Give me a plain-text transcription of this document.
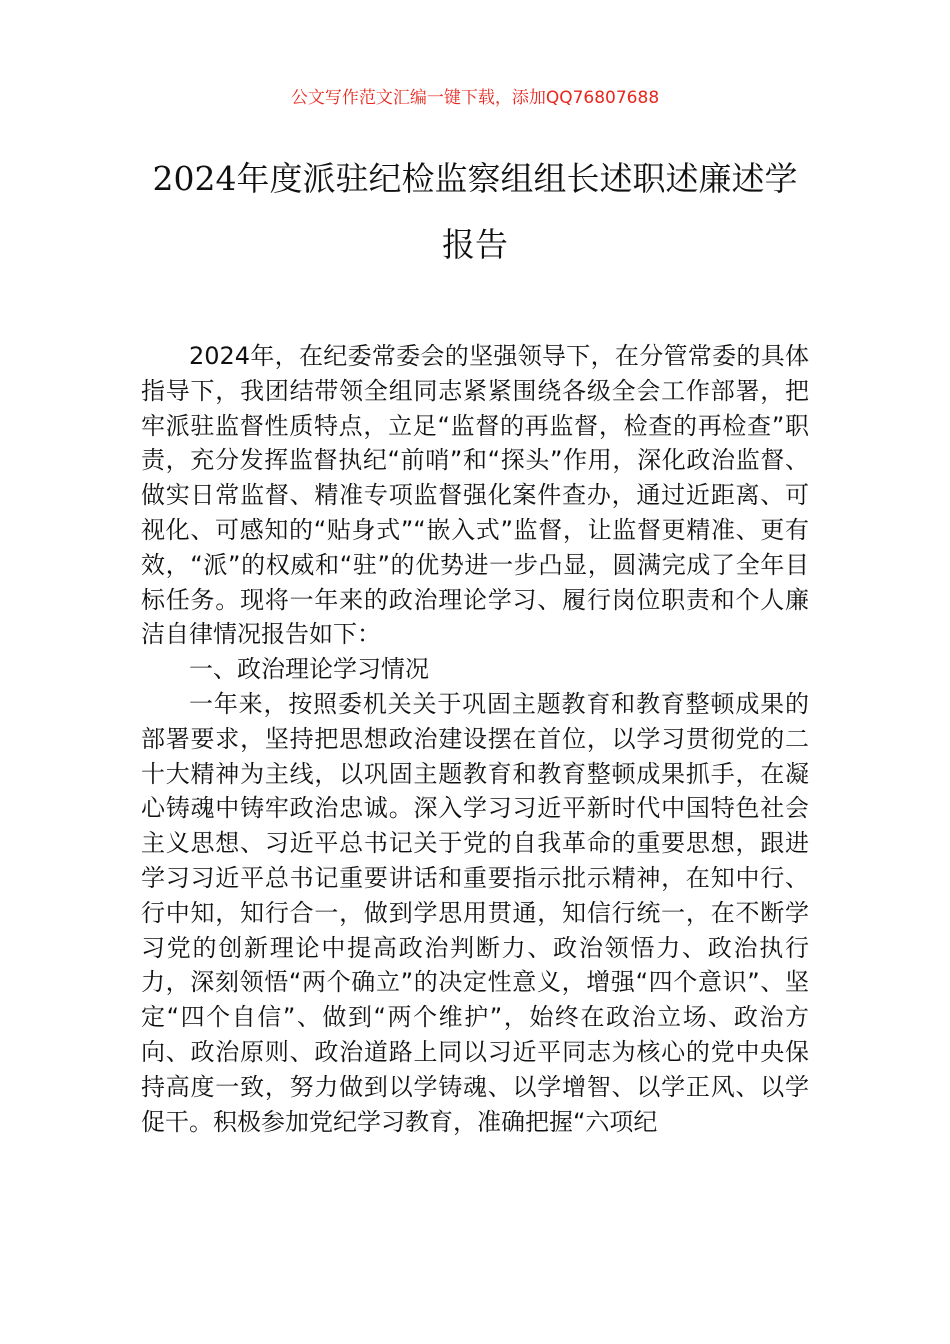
公文写作范文汇编一键下载，添加QQ76807688
2024年度派驻纪检监察组组长述职述廉述学报告

2024年，在纪委常委会的坚强领导下，在分管常委的具体指导下，我团结带领全组同志紧紧围绕各级全会工作部署，把牢派驻监督性质特点，立足“监督的再监督，检查的再检查”职责，充分发挥监督执纪“前哨”和“探头”作用，深化政治监督、做实日常监督、精准专项监督强化案件查办，通过近距离、可视化、可感知的“贴身式”“嵌入式”监督，让监督更精准、更有效，“派”的权威和“驻”的优势进一步凸显，圆满完成了全年目标任务。现将一年来的政治理论学习、履行岗位职责和个人廉洁自律情况报告如下：

一、政治理论学习情况

一年来，按照委机关关于巩固主题教育和教育整顿成果的部署要求，坚持把思想政治建设摆在首位，以学习贯彻党的二十大精神为主线，以巩固主题教育和教育整顿成果抓手，在凝心铸魂中铸牢政治忠诚。深入学习习近平新时代中国特色社会主义思想、习近平总书记关于党的自我革命的重要思想，跟进学习习近平总书记重要讲话和重要指示批示精神，在知中行、行中知，知行合一，做到学思用贯通，知信行统一，在不断学习党的创新理论中提高政治判断力、政治领悟力、政治执行力，深刻领悟“两个确立”的决定性意义，增强“四个意识”、坚定“四个自信”、做到“两个维护”，始终在政治立场、政治方向、政治原则、政治道路上同以习近平同志为核心的党中央保持高度一致，努力做到以学铸魂、以学增智、以学正风、以学促干。积极参加党纪学习教育，准确把握“六项纪
